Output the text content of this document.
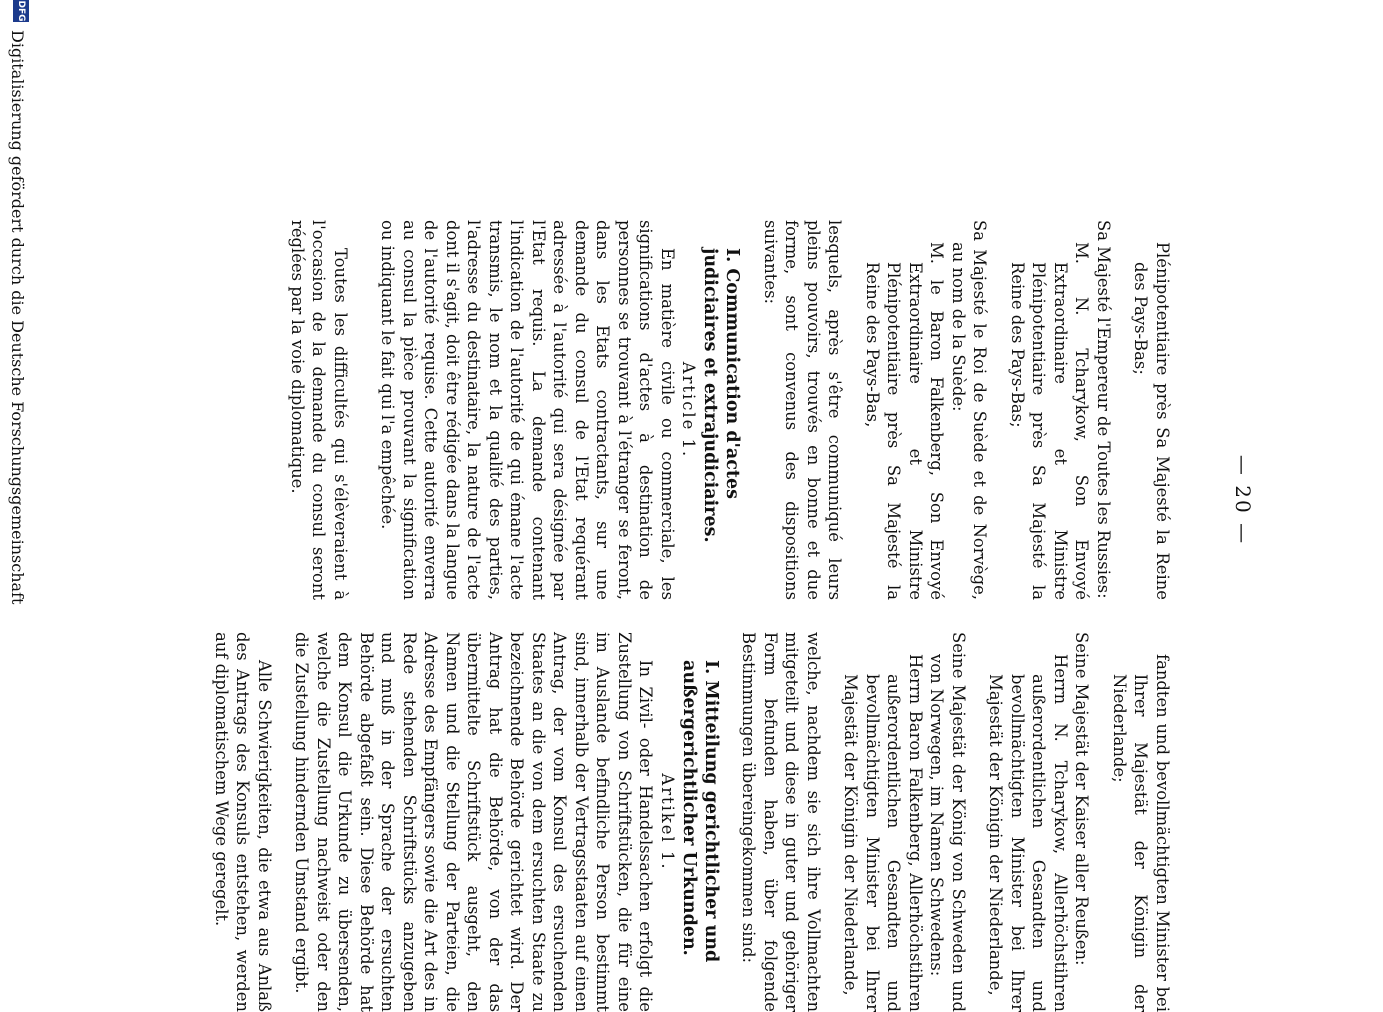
— 20 —

Plénipotentiaire près Sa Majesté la Reine des Pays-Bas;

Sa Majesté l'Empereur de Toutes les Russies:

M. N. Tcharykow, Son Envoyé Extraordinaire et Ministre Plénipotentiaire près Sa Majesté la Reine des Pays-Bas;

Sa Majesté le Roi de Suède et de Norvège, au nom de la Suède:

M. le Baron Falkenberg, Son Envoyé Extraordinaire et Ministre Plénipotentiaire près Sa Majesté la Reine des Pays-Bas,

lesquels, après s'être communiqué leurs pleins pouvoirs, trouvés en bonne et due forme, sont convenus des dispositions suivantes:

I. Communication d'actes judiciaires et extrajudiciaires.

Article 1.

En matière civile ou commerciale, les significations d'actes à destination de personnes se trouvant à l'étranger se feront, dans les Etats contractants, sur une demande du consul de l'Etat requérant adressée à l'autorité qui sera désignée par l'Etat requis. La demande contenant l'indication de l'autorité de qui émane l'acte transmis, le nom et la qualité des parties, l'adresse du destinataire, la nature de l'acte dont il s'agit, doit être rédigée dans la langue de l'autorité requise. Cette autorité enverra au consul la pièce prouvant la signification ou indiquant le fait qui l'a empêchée.

Toutes les difficultés qui s'élèveraient à l'occasion de la demande du consul seront réglées par la voie diplomatique.

fandten und bevollmächtigten Minister bei Ihrer Majestät der Königin der Niederlande;

Seine Majestät der Kaiser aller Reußen:

Herrn N. Tcharykow, Allerhöchstihren außerordentlichen Gesandten und bevollmächtigten Minister bei Ihrer Majestät der Königin der Niederlande,

Seine Majestät der König von Schweden und von Norwegen, im Namen Schwedens:

Herrn Baron Falkenberg, Allerhöchstihren außerordentlichen Gesandten und bevollmächtigten Minister bei Ihrer Majestät der Königin der Niederlande,

welche, nachdem sie sich ihre Vollmachten mitgeteilt und diese in guter und gehöriger Form befunden haben, über folgende Bestimmungen übereingekommen sind:

I. Mitteilung gerichtlicher und außergerichtlicher Urkunden.

Artikel 1.

In Zivil- oder Handelssachen erfolgt die Zustellung von Schriftstücken, die für eine im Auslande befindliche Person bestimmt sind, innerhalb der Vertragsstaaten auf einen Antrag, der vom Konsul des ersuchenden Staates an die von dem ersuchten Staate zu bezeichnende Behörde gerichtet wird. Der Antrag hat die Behörde, von der das übermittelte Schriftstück ausgeht, den Namen und die Stellung der Parteien, die Adresse des Empfängers sowie die Art des in Rede stehenden Schriftstücks anzugeben und muß in der Sprache der ersuchten Behörde abgefaßt sein. Diese Behörde hat dem Konsul die Urkunde zu übersenden, welche die Zustellung nachweist oder den die Zustellung hindernden Umstand ergibt.

Alle Schwierigkeiten, die etwa aus Anlaß des Antrags des Konsuls entstehen, werden auf diplomatischem Wege geregelt.

DFG
Digitalisierung gefördert durch die Deutsche Forschungsgemeinschaft
